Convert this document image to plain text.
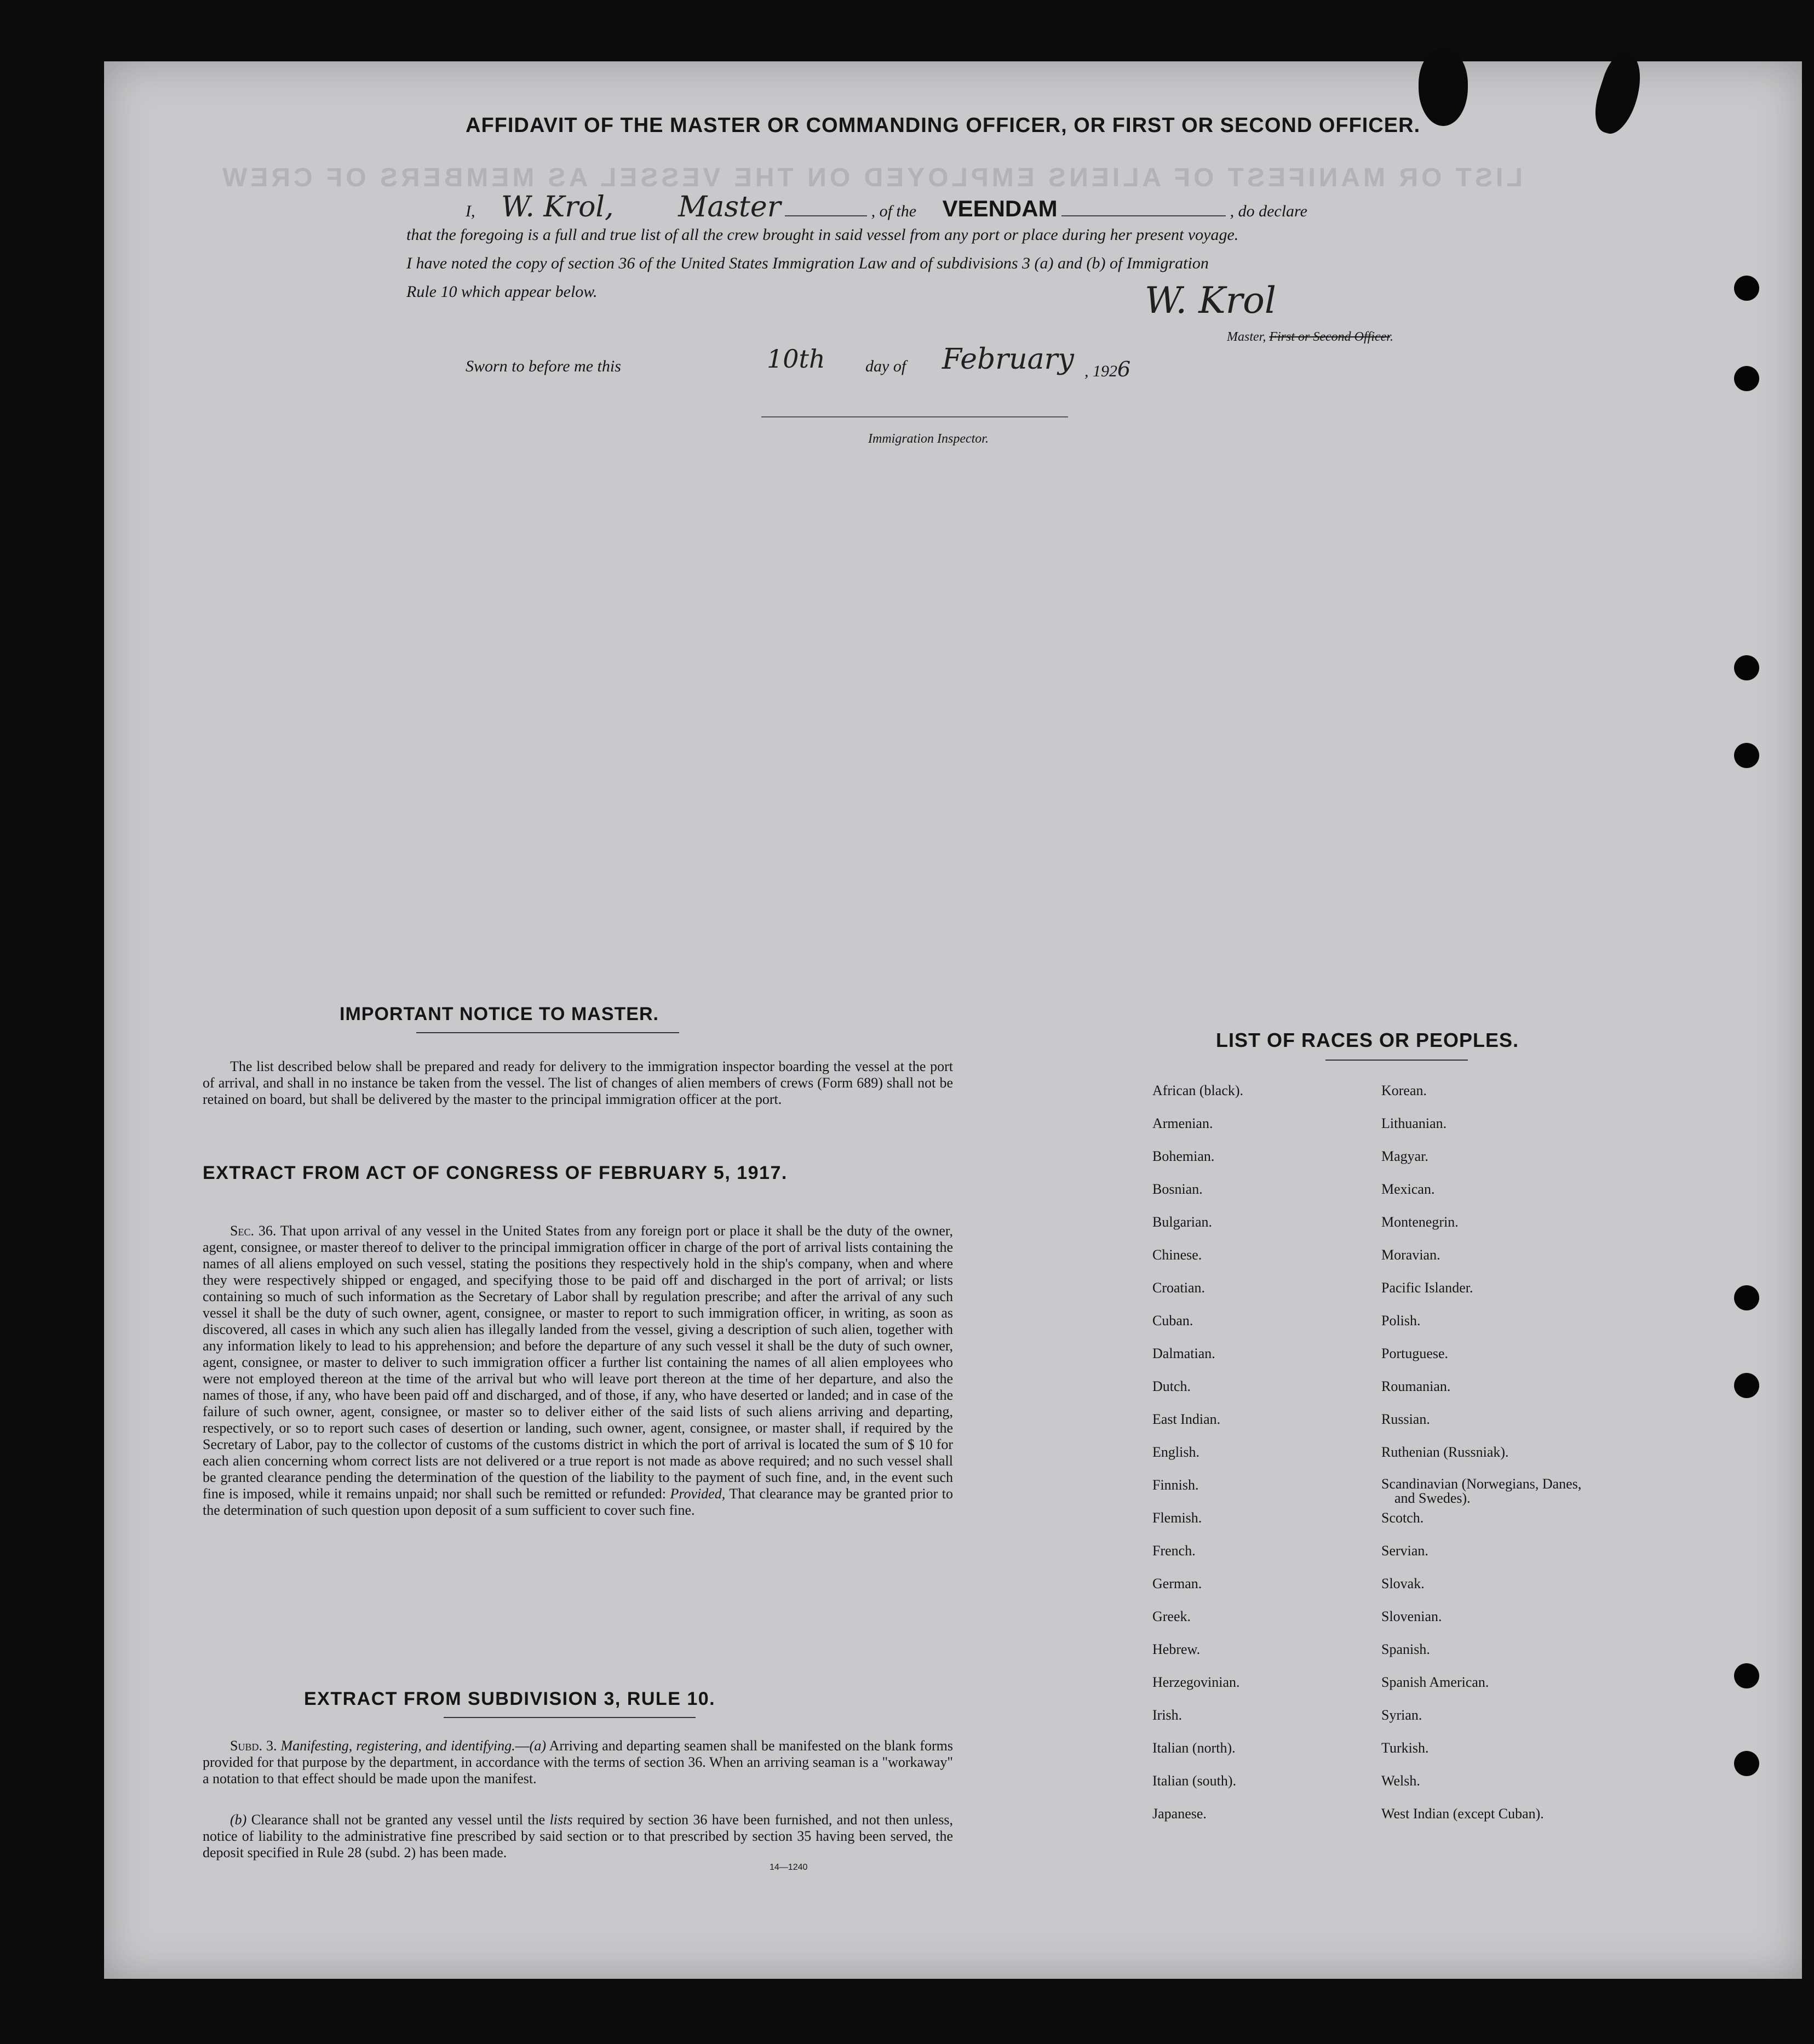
LIST OR MANIFEST OF ALIENS EMPLOYED ON THE VESSEL AS MEMBERS OF CREW
AFFIDAVIT OF THE MASTER OR COMMANDING OFFICER, OR FIRST OR SECOND OFFICER.
I, W. Krol, Master	, of the VEENDAM	, do declare
that the foregoing is a full and true list of all the crew brought in said vessel from any port or place during her present voyage.
I have noted the copy of section 36 of the United States Immigration Law and of subdivisions 3 (a) and (b) of Immigration
Rule 10 which appear below.	W. Krol
Master, First or Second Officer.
Sworn to before me this	10th day of February , 1926
Immigration Inspector.
IMPORTANT NOTICE TO MASTER.
The list described below shall be prepared and ready for delivery to the immigration inspector boarding the vessel at the port of arrival, and shall in no instance be taken from the vessel. The list of changes of alien members of crews (Form 689) shall not be retained on board, but shall be delivered by the master to the principal immigration officer at the port.
EXTRACT FROM ACT OF CONGRESS OF FEBRUARY 5, 1917.
Sec. 36. That upon arrival of any vessel in the United States from any foreign port or place it shall be the duty of the owner, agent, consignee, or master thereof to deliver to the principal immigration officer in charge of the port of arrival lists containing the names of all aliens employed on such vessel, stating the positions they respectively hold in the ship's company, when and where they were respectively shipped or engaged, and specifying those to be paid off and discharged in the port of arrival; or lists containing so much of such information as the Secretary of Labor shall by regulation prescribe; and after the arrival of any such vessel it shall be the duty of such owner, agent, consignee, or master to report to such immigration officer, in writing, as soon as discovered, all cases in which any such alien has illegally landed from the vessel, giving a description of such alien, together with any information likely to lead to his apprehension; and before the departure of any such vessel it shall be the duty of such owner, agent, consignee, or master to deliver to such immigration officer a further list containing the names of all alien employees who were not employed thereon at the time of the arrival but who will leave port thereon at the time of her departure, and also the names of those, if any, who have been paid off and discharged, and of those, if any, who have deserted or landed; and in case of the failure of such owner, agent, consignee, or master so to deliver either of the said lists of such aliens arriving and departing, respectively, or so to report such cases of desertion or landing, such owner, agent, consignee, or master shall, if required by the Secretary of Labor, pay to the collector of customs of the customs district in which the port of arrival is located the sum of $ 10 for each alien concerning whom correct lists are not delivered or a true report is not made as above required; and no such vessel shall be granted clearance pending the determination of the question of the liability to the payment of such fine, and, in the event such fine is imposed, while it remains unpaid; nor shall such be remitted or refunded: Provided, That clearance may be granted prior to the determination of such question upon deposit of a sum sufficient to cover such fine.
EXTRACT FROM SUBDIVISION 3, RULE 10.
Subd. 3. Manifesting, registering, and identifying.—(a) Arriving and departing seamen shall be manifested on the blank forms provided for that purpose by the department, in accordance with the terms of section 36. When an arriving seaman is a "workaway" a notation to that effect should be made upon the manifest.
(b) Clearance shall not be granted any vessel until the lists required by section 36 have been furnished, and not then unless, notice of liability to the administrative fine prescribed by said section or to that prescribed by section 35 having been served, the deposit specified in Rule 28 (subd. 2) has been made.
14—1240
LIST OF RACES OR PEOPLES.
African (black).
Armenian.
Bohemian.
Bosnian.
Bulgarian.
Chinese.
Croatian.
Cuban.
Dalmatian.
Dutch.
East Indian.
English.
Finnish.
Flemish.
French.
German.
Greek.
Hebrew.
Herzegovinian.
Irish.
Italian (north).
Italian (south).
Japanese.
Korean.
Lithuanian.
Magyar.
Mexican.
Montenegrin.
Moravian.
Pacific Islander.
Polish.
Portuguese.
Roumanian.
Russian.
Ruthenian (Russniak).
Scandinavian (Norwegians, Danes, and Swedes).
Scotch.
Servian.
Slovak.
Slovenian.
Spanish.
Spanish American.
Syrian.
Turkish.
Welsh.
West Indian (except Cuban).
